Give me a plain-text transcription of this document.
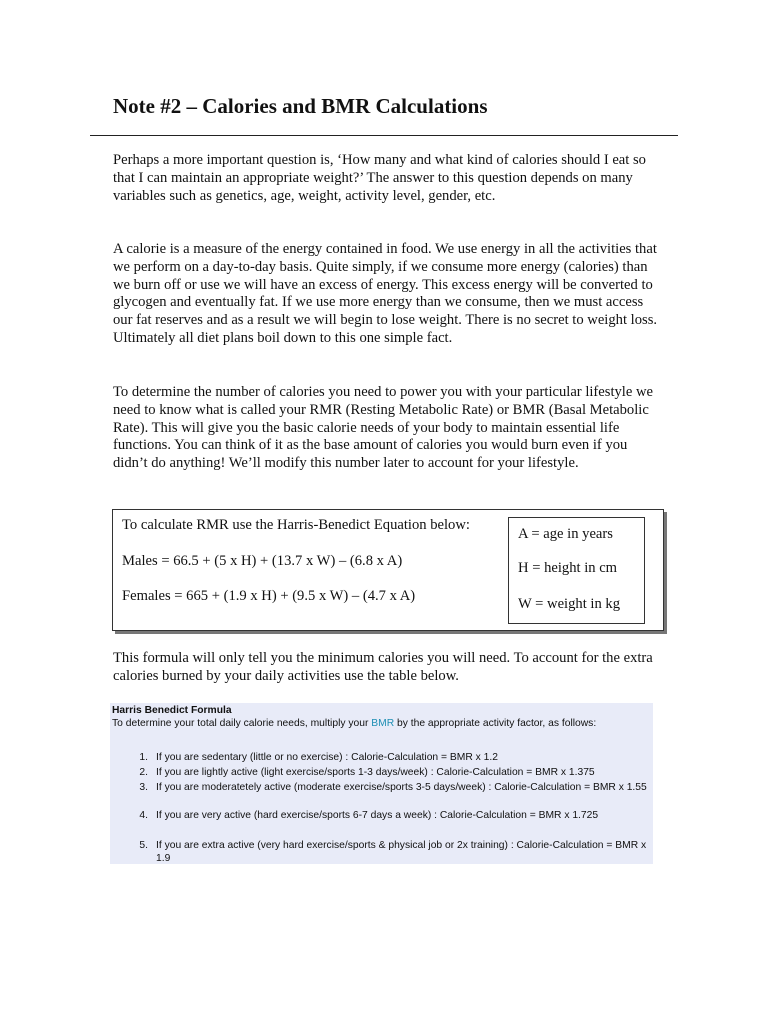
Note #2 – Calories and BMR Calculations
Perhaps a more important question is, ‘How many and what kind of calories should I eat so that I can maintain an appropriate weight?’ The answer to this question depends on many variables such as genetics, age, weight, activity level, gender, etc.
A calorie is a measure of the energy contained in food. We use energy in all the activities that we perform on a day-to-day basis. Quite simply, if we consume more energy (calories) than we burn off or use we will have an excess of energy. This excess energy will be converted to glycogen and eventually fat. If we use more energy than we consume, then we must access our fat reserves and as a result we will begin to lose weight. There is no secret to weight loss. Ultimately all diet plans boil down to this one simple fact.
To determine the number of calories you need to power you with your particular lifestyle we need to know what is called your RMR (Resting Metabolic Rate) or BMR (Basal Metabolic Rate). This will give you the basic calorie needs of your body to maintain essential life functions. You can think of it as the base amount of calories you would burn even if you didn’t do anything! We’ll modify this number later to account for your lifestyle.
To calculate RMR use the Harris-Benedict Equation below:
Males = 66.5 + (5 x H) + (13.7 x W) – (6.8 x A)
Females = 665 + (1.9 x H) + (9.5 x W) – (4.7 x A)
A = age in years
H = height in cm
W = weight in kg
This formula will only tell you the minimum calories you will need. To account for the extra calories burned by your daily activities use the table below.
Harris Benedict Formula
To determine your total daily calorie needs, multiply your BMR by the appropriate activity factor, as follows:
1. If you are sedentary (little or no exercise) : Calorie-Calculation = BMR x 1.2
2. If you are lightly active (light exercise/sports 1-3 days/week) : Calorie-Calculation = BMR x 1.375
3. If you are moderatetely active (moderate exercise/sports 3-5 days/week) : Calorie-Calculation = BMR x 1.55
4. If you are very active (hard exercise/sports 6-7 days a week) : Calorie-Calculation = BMR x 1.725
5. If you are extra active (very hard exercise/sports & physical job or 2x training) : Calorie-Calculation = BMR x 1.9
